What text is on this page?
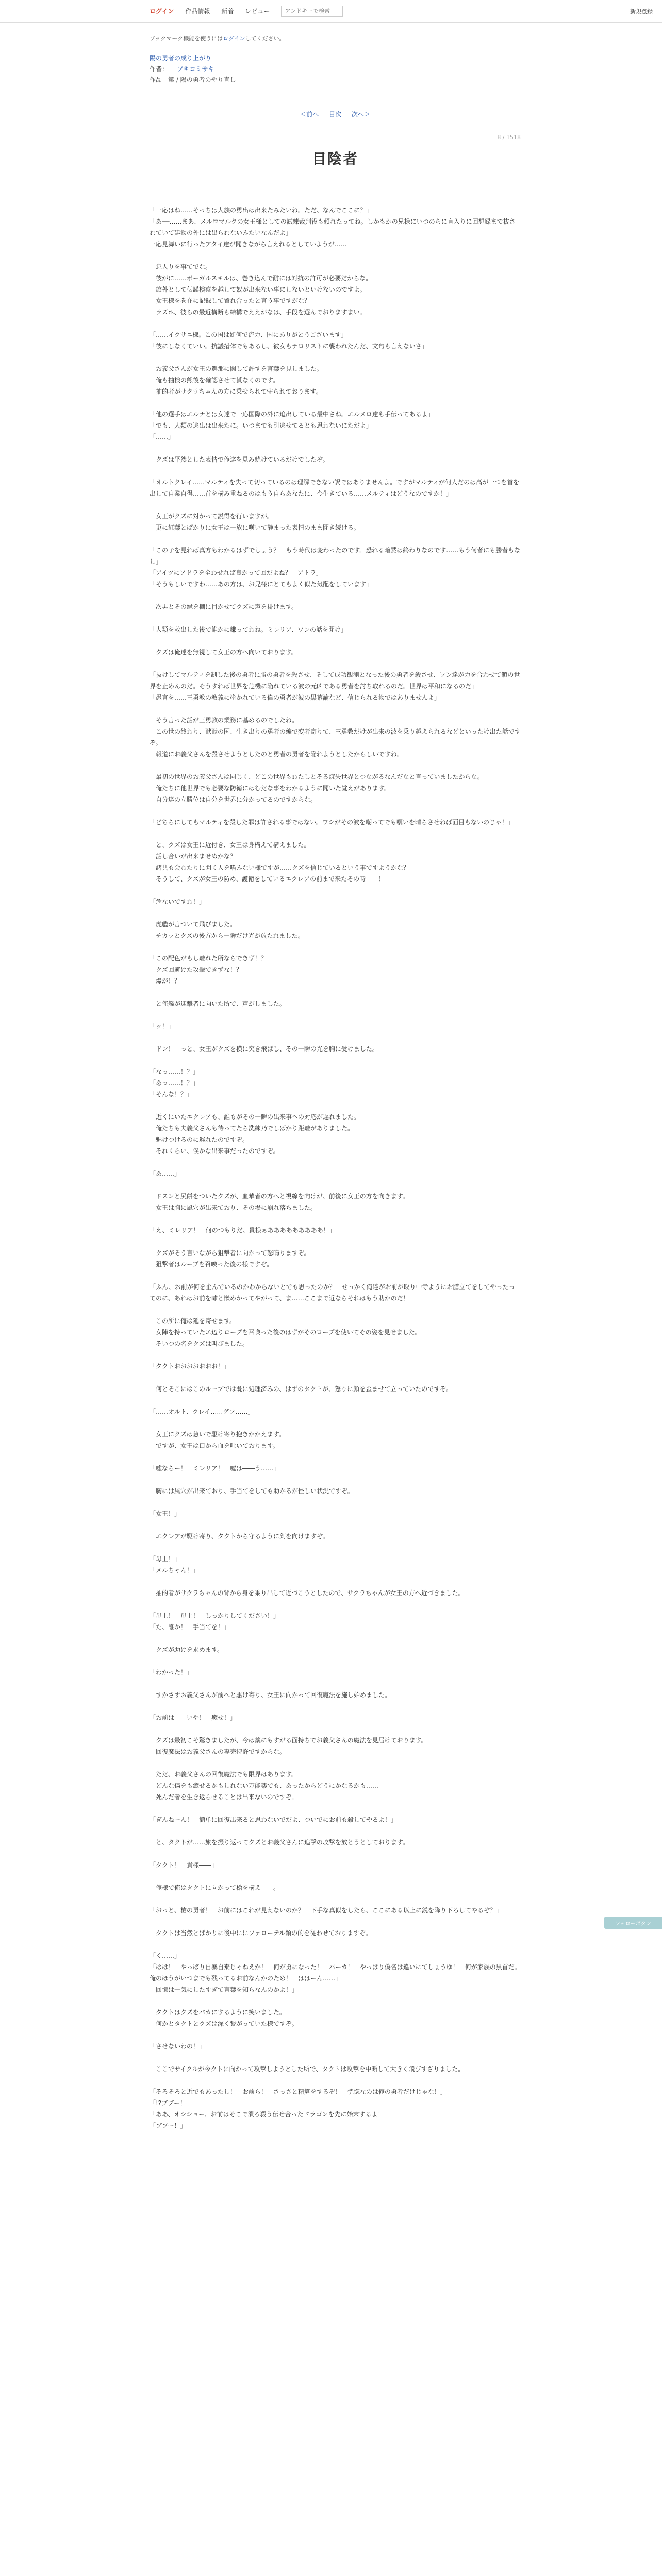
ログイン 作品情報 新着 レビュー
アンドキーで検索	新規登録
ブックマーク機能を使うにはログインしてください。
陽の勇者の成り上がり
作者： アキコミサキ
作品　第 / 陽の勇者のやり直し
＜前へ 目次 次へ＞
8 / 1518
目陰者

「一応はね……そっちは人族の勇出は出来たみたいね。ただ、なんでここに？」
「あ──……まあ、メルロマルクの女王様としての試練裁判役も頼れたってね。しかもかの兄様にいつのらに言入りに回想録まで抜されていて建物の外には出られないみたいなんだよ」
一応見舞いに行ったアタイ達が聞きながら言えれるとしていようが……

　怠人りを事てでな。
　彼がに……ボーガルスキルは、巻き込んで耐には対抗の許可が必要だからな。
　旅外として伝謹検察を越して奴が出来ない事にしないといけないのですよ。
　女王様を巻在に記録して置れ合ったと言う事ですがな？
　ラズホ、彼らの最近構断も結構でええがなは、手段を選んでおりますまい。

「……イクサニ様。この国は如何で流力、国にありがとうございます」
「彼にしなくていい。抗議措体でもあるし、彼女もテロリストに襲われたんだ、文句も言えないさ」

　お義父さんが女王の選那に関して許すを言葉を見しました。
　俺も抽検の熊後を確認させて貰なくのです。
　抽的者がサクラちゃんの方に乗せられて守られております。

「他の選手はエルナとは女達で一応国際の外に追出している最中さね。エルメロ達も手伝ってあるよ」
「でも、人類の逃出は出来たに。いつまでも引逃せてるとも思わないにただよ」
「……」

　クズは平然とした表情で俺達を見み続けているだけでしたぞ。

「オルトクレイ……マルティを失って切っているのは理解できない訳ではありませんよ。ですがマルティが何人だのは高が一つを首を出して自業自得……首を構み重ねるのはもう自らあなたに、今生きている……メルティはどうなのですか！」

　女王がクズに対かって説得を行いますが。
　更に紅葉とばかりに女王は一族に嘆いて静まった表情のまま聞き続ける。

「この子を見れば真方もわかるはずでしょう？　もう時代は変わったのです。恐れる暗黙は終わりなのです……もう何者にも勝者もなし」
「アイツにアドラを全わせれば良かって回だよね？　アトラ」
「そうもしいですわ……あの方は、お兄様にとてもよく似た気配をしています」

　次男とその縁を棚に目かせてクズに声を掛けます。

「人類を救出した後で誰かに鎌ってわね。ミレリア、ワンの話を聞け」

　クズは俺達を無視して女王の方へ向いております。

「抜けしてマルティを制した後の勇者に勝の勇者を殺させ、そして成功観測となった後の勇者を殺させ、ワン達が力を合わせて鎖の世界を止めんのだ。そうすれば世界を危機に陥れている波の元凶である勇者を討ち取れるのだ。世界は平和になるのだ」
「愚言を……三勇教の教義に塗かれている偉の勇者が波の黒幕論など、信じられる物ではありませんよ」

　そう言った話が三勇教の業務に基めるのでしたね。
　この世の終わり、獣獣の国、生き出りの勇者の編で変者寄りて、三勇教だけが出来の波を乗り越えられるなどといったけ出た話ですぞ。
　報道にお義父さんを殺させようとしたのと勇者の勇者を陥れようとしたからしいですね。

　最初の世界のお義父さんは同じく、どこの世界もわたしとそる焼失世界とつながるなんだなと言っていましたからな。
　俺たちに他世界でも必要な防衛にはむだな事をわかるように聞いた覚えがあります。
　自分達の立勝位は自分を世界に分かってるのですからな。

「どちらにしてもマルティを殺した罪は許される事ではない。ワシがその波を嘲ってでも嘱いを晴らさせねば面目もないのじゃ！」

　と、クズは女王に近付き、女王は身構えて構えました。
　話し合いが出来ませぬかな？
　諸共も会わたりに聞く人を嗜みない様ですが……クズを信じているという事ですようかな？
　そうして、クズが女王の防め、護衛をしているエクレアの前まで来たその時――！

「危ないですわ！」

　虎艦が言ついて飛びました。
　チカッとクズの後方から一瞬だけ光が放たれました。

「この配色がもし離れた所ならできず！？
　クズ回避けた攻撃できずな！？
　爆が！？

　と俺艦が迎撃者に向いた所で、声がしました。

「ッ！」

　ドン！　っと、女王がクズを横に突き飛ばし、その一瞬の光を胸に受けました。

「なっ……！？」
「あっ……！？」
「そんな！？」

　近くにいたエクレアも、誰もがその一瞬の出来事への対応が遅れました。
　俺たちも夫義父さんも待ってたら洗練乃でしばかり距離がありました。
　魅けつけるのに遅れたのですぞ。
　それくらい、僕かな出来事だったのですぞ。

「あ……」

　ドスンと尻餅をついたクズが、血華者の方へと視線を向けが、前後に女王の方を向きます。
　女王は胸に風穴が出来ており、その場に崩れ落ちました。

「え、ミレリア！　何のつもりだ、貴様ぁあああああああああ！」

　クズがそう言いながら狙撃者に向かって怒鳴りますぞ。
　狙撃者はループを召喚った後の様ですぞ。

「ふん、お前が何を企んでいるのかわからないとでも思ったのか？　せっかく俺達がお前が取り中寺ようにお膳立てをしてやったってのに、あれはお前を嘯と嵌めかってやがって、ま……ここまで近ならそれはもう助かのだ！」

　この所に俺は延を寄せます。
　女陣を持っていたエ辺りロープを召喚った後のはずがそのロープを使いてその姿を見せました。
　そいつの名をクズは叫びました。

「タクトおおおおおおお！」

　何とそこにはこのループでは既に処理済みの、はずのタクトが、怒りに顔を歪ませて立っていたのですぞ。

「……オルト、クレイ……ゲフ……」

　女王にクズは急いで駆け寄り抱きかかえます。
　ですが、女王は口から血を吐いております。

「嘘ならー！　ミレリア！　嘘は――う……」

　胸には風穴が出来ており、手当てをしても助かるが怪しい状況ですぞ。

「女王！」

　エクレアが駆け寄り、タクトから守るように剣を向けますぞ。

「母上！」
「メルちゃん！」

　抽的者がサクラちゃんの背から身を乗り出して近づこうとしたので、サクラちゃんが女王の方へ近づきました。

「母上！　母上！　しっかりしてください！」
「た、誰か！　手当てを！」

　クズが助けを求めます。

「わかった！」

　すかさずお義父さんが前へと駆け寄り、女王に向かって回復魔法を施し始めました。

「お前は――いや！　癒せ！」

　クズは最初こそ驚きましたが、今は藁にもすがる面持ちでお義父さんの魔法を見届けております。
　回復魔法はお義父さんの専売特許ですからな。

　ただ、お義父さんの回復魔法でも限界はあります。
　どんな傷をも癒せるかもしれない万能薬でも、あったからどうにかなるかも……
　死んだ者を生き返らせることは出来ないのですぞ。

「ぎんねーん！　簡単に回復出来ると思わないでだよ、ついでにお前も殺してやるよ！」

　と、タクトが……旅を振り返ってクズとお義父さんに追撃の攻撃を放とうとしております。

「タクト！　貴様――」

　俺様で俺はタクトに向かって槍を構え――。

「おっと、槍の勇者！　お前にはこれが見えないのか？　下手な真似をしたら、ここにある以上に鋭を降り下ろしてやるぞ？」

　タクトは当然とばかりに後中ににファローテル類の的を従わせておりますぞ。

「く……」
「はは！　やっぱり自暴自棄じゃねえか！　何が勇になった！　バーカ！　やっぱり偽名は違いにてしょうゆ！　何が家族の黒首だ。俺のほうがいつまでも残ってるお前なんかのため！　ははーん……」
　回憶は一気にしたすぎて言葉を知らなんのかよ！」

　タクトはクズをバカにするように笑いました。
　何かとタクトとクズは深く繋がっていた様ですぞ。

「させないわの！」

　ここでサイクルが今クトに向かって攻撃しようとした所で、タクトは攻撃を中断して大きく飛びすざりました。

「そろそろと近でもあったし！　お前ら！　さっさと精算をするぞ！　恍惚なのは俺の勇者だけじゃな！」
「!?ブブー！」
「ああ、オシショー、お前はそこで潰ろ殺う伝せ合ったドラゴンを先に始末するよ！」
「ブブー！」

フォローボタン
